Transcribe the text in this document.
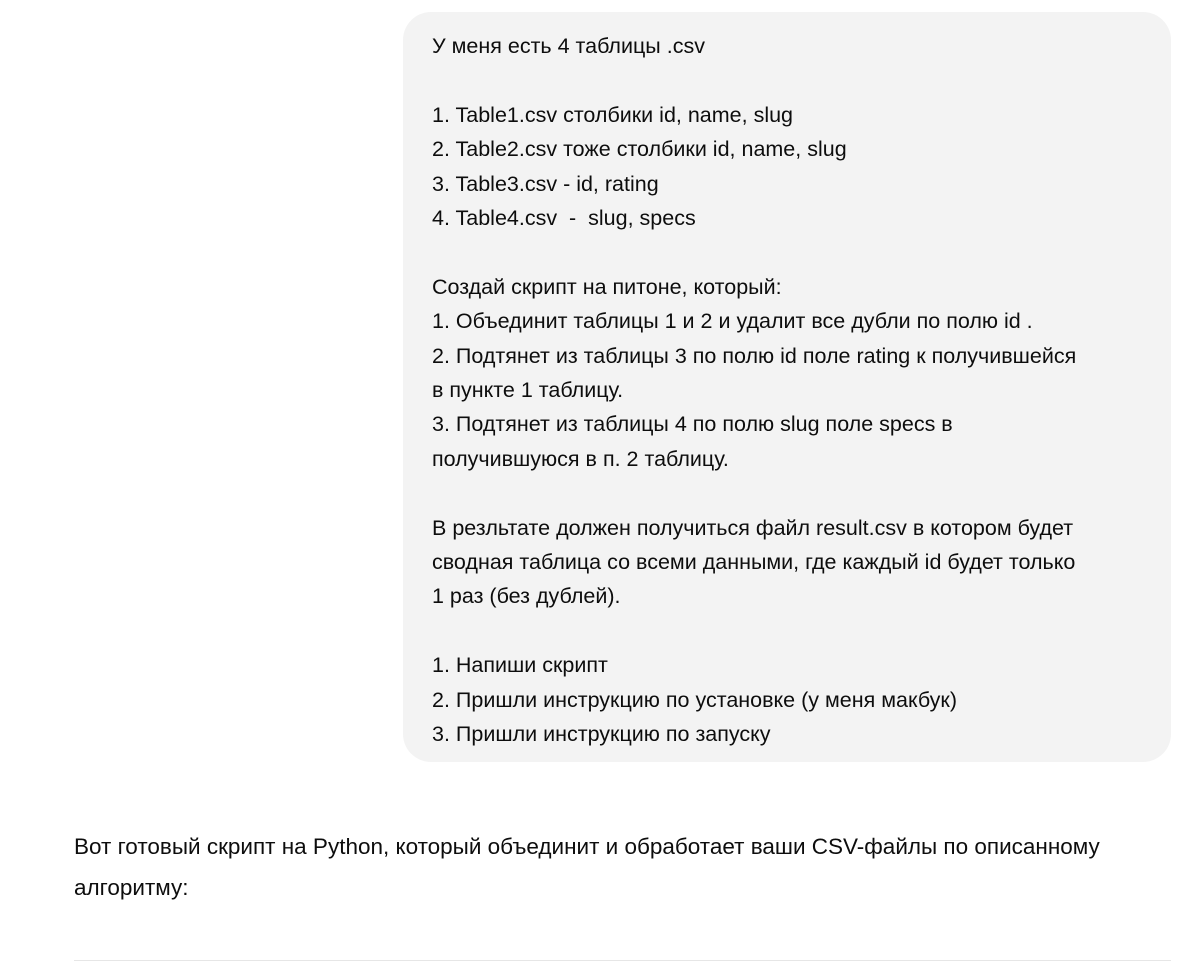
У меня есть 4 таблицы .csv
1. Table1.csv столбики id, name, slug
2. Table2.csv тоже столбики id, name, slug
3. Table3.csv - id, rating
4. Table4.csv  -  slug, specs
Создай скрипт на питоне, который:
1. Объединит таблицы 1 и 2 и удалит все дубли по полю id .
2. Подтянет из таблицы 3 по полю id поле rating к получившейся
в пункте 1 таблицу.
3. Подтянет из таблицы 4 по полю slug поле specs в
получившуюся в п. 2 таблицу.
В резльтате должен получиться файл result.csv в котором будет
сводная таблица со всеми данными, где каждый id будет только
1 раз (без дублей).
1. Напиши скрипт
2. Пришли инструкцию по установке (у меня макбук)
3. Пришли инструкцию по запуску
Вот готовый скрипт на Python, который объединит и обработает ваши CSV-файлы по описанному алгоритму:
